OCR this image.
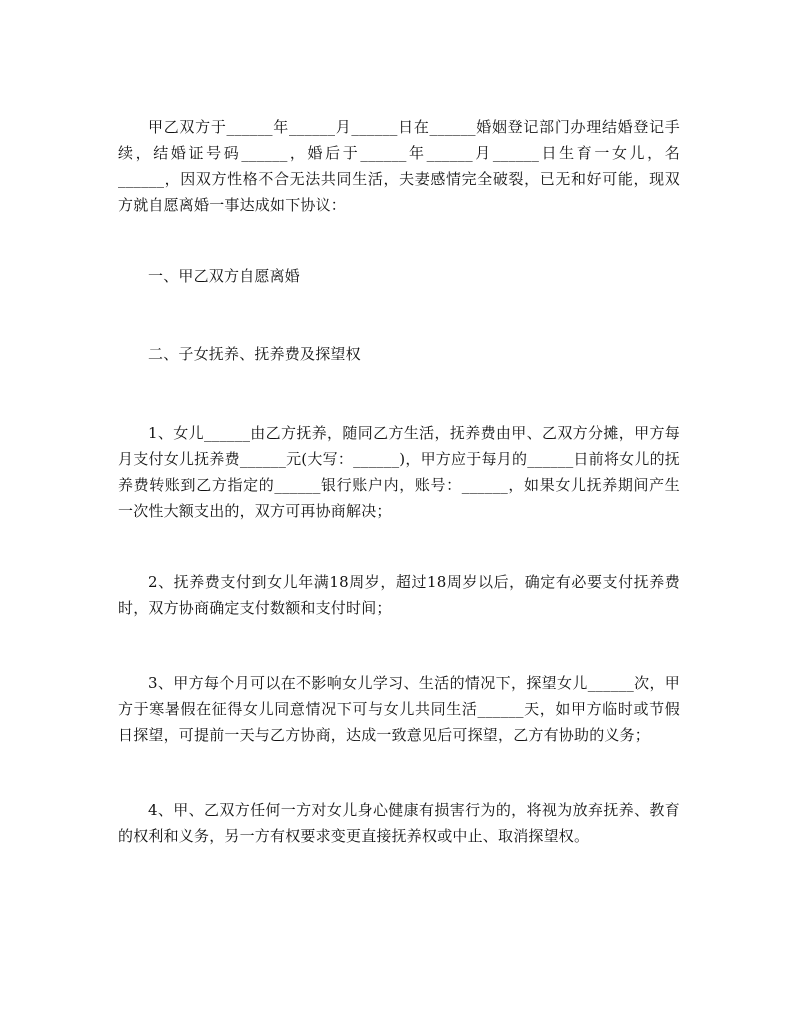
甲乙双方于______年______月______日在______婚姻登记部门办理结婚登记手续，结婚证号码______，婚后于______年______月______日生育一女儿，名______，因双方性格不合无法共同生活，夫妻感情完全破裂，已无和好可能，现双方就自愿离婚一事达成如下协议：

一、甲乙双方自愿离婚

二、子女抚养、抚养费及探望权

1、女儿______由乙方抚养，随同乙方生活，抚养费由甲、乙双方分摊，甲方每月支付女儿抚养费______元(大写：______)，甲方应于每月的______日前将女儿的抚养费转账到乙方指定的______银行账户内，账号：______，如果女儿抚养期间产生一次性大额支出的，双方可再协商解决；

2、抚养费支付到女儿年满18周岁，超过18周岁以后，确定有必要支付抚养费时，双方协商确定支付数额和支付时间；

3、甲方每个月可以在不影响女儿学习、生活的情况下，探望女儿______次，甲方于寒暑假在征得女儿同意情况下可与女儿共同生活______天，如甲方临时或节假日探望，可提前一天与乙方协商，达成一致意见后可探望，乙方有协助的义务；

4、甲、乙双方任何一方对女儿身心健康有损害行为的，将视为放弃抚养、教育的权利和义务，另一方有权要求变更直接抚养权或中止、取消探望权。
